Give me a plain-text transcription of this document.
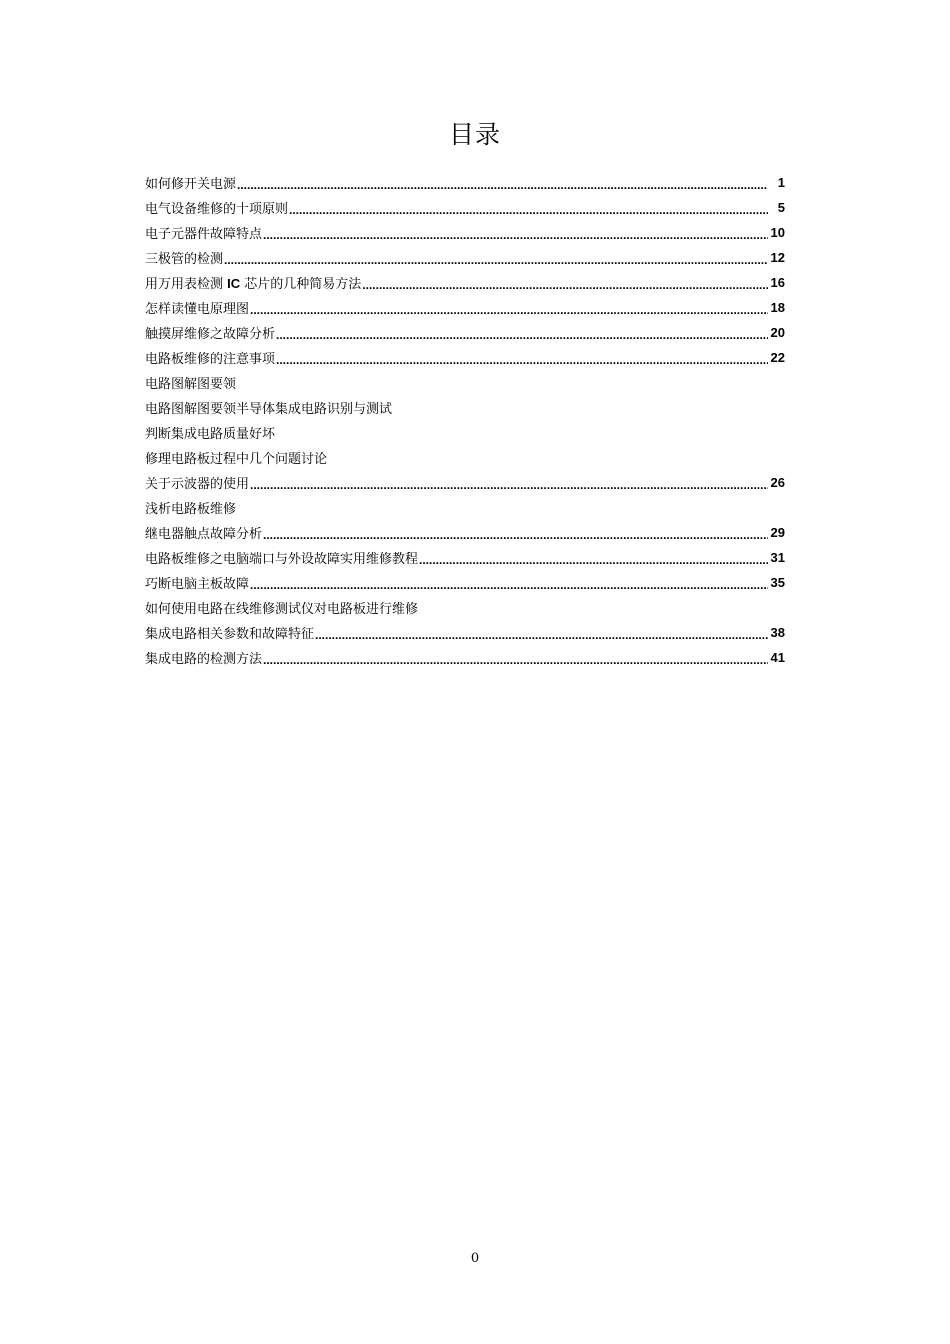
目录
如何修开关电源 .....	1
电气设备维修的十项原则 .....	5
电子元器件故障特点 .....	10
三极管的检测 .....	12
用万用表检测 IC 芯片的几种简易方法 .....	16
怎样读懂电原理图 .....	18
触摸屏维修之故障分析 .....	20
电路板维修的注意事项 .....	22
电路图解图要领
电路图解图要领半导体集成电路识别与测试
判断集成电路质量好坏
修理电路板过程中几个问题讨论
关于示波器的使用 .....	26
浅析电路板维修
继电器触点故障分析 .....	29
电路板维修之电脑端口与外设故障实用维修教程 .....	31
巧断电脑主板故障 .....	35
如何使用电路在线维修测试仪对电路板进行维修
集成电路相关参数和故障特征 .....	38
集成电路的检测方法 .....	41
0
